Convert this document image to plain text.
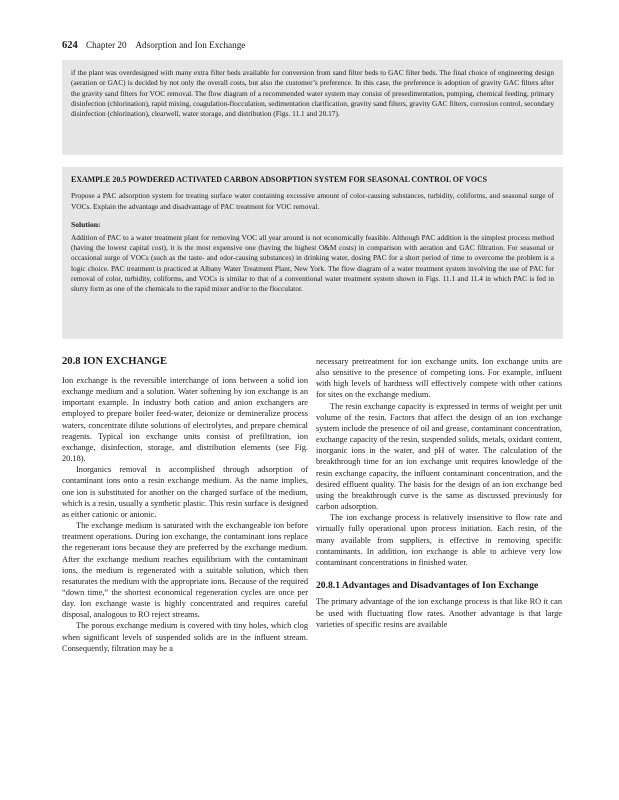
624 Chapter 20 Adsorption and Ion Exchange

if the plant was overdesigned with many extra filter beds available for conversion from sand filter beds to GAC filter beds. The final choice of engineering design (aeration or GAC) is decided by not only the overall costs, but also the customer’s preference. In this case, the preference is adoption of gravity GAC filters after the gravity sand filters for VOC removal. The flow diagram of a recommended water system may consist of presedimentation, pumping, chemical feeding, primary disinfection (chlorination), rapid mixing, coagulation-flocculation, sedimentation clarification, gravity sand filters, gravity GAC filters, corrosion control, secondary disinfection (chlorination), clearwell, water storage, and distribution (Figs. 11.1 and 20.17).

EXAMPLE 20.5 POWDERED ACTIVATED CARBON ADSORPTION SYSTEM FOR SEASONAL CONTROL OF VOCS

Propose a PAC adsorption system for treating surface water containing excessive amount of color-causing substances, turbidity, coliforms, and seasonal surge of VOCs. Explain the advantage and disadvantage of PAC treatment for VOC removal.

Solution:

Addition of PAC to a water treatment plant for removing VOC all year around is not economically feasible. Although PAC addition is the simplest process method (having the lowest capital cost), it is the most expensive one (having the highest O&M costs) in comparison with aeration and GAC filtration. For seasonal or occasional surge of VOCs (such as the taste- and odor-causing substances) in drinking water, dosing PAC for a short period of time to overcome the problem is a logic choice. PAC treatment is practiced at Albany Water Treatment Plant, New York. The flow diagram of a water treatment system involving the use of PAC for removal of color, turbidity, coliforms, and VOCs is similar to that of a conventional water treatment system shown in Figs. 11.1 and 11.4 in which PAC is fed in slurry form as one of the chemicals to the rapid mixer and/or to the flocculator.

20.8 ION EXCHANGE

Ion exchange is the reversible interchange of ions between a solid ion exchange medium and a solution. Water softening by ion exchange is an important example. In industry both cation and anion exchangers are employed to prepare boiler feed-water, deionize or demineralize process waters, concentrate dilute solutions of electrolytes, and prepare chemical reagents. Typical ion exchange units consist of prefiltration, ion exchange, disinfection, storage, and distribution elements (see Fig. 20.18).

Inorganics removal is accomplished through adsorption of contaminant ions onto a resin exchange medium. As the name implies, one ion is substituted for another on the charged surface of the medium, which is a resin, usually a synthetic plastic. This resin surface is designed as either cationic or anionic.

The exchange medium is saturated with the exchangeable ion before treatment operations. During ion exchange, the contaminant ions replace the regenerant ions because they are preferred by the exchange medium. After the exchange medium reaches equilibrium with the contaminant ions, the medium is regenerated with a suitable solution, which then resaturates the medium with the appropriate ions. Because of the required “down time,” the shortest economical regeneration cycles are once per day. Ion exchange waste is highly concentrated and requires careful disposal, analogous to RO reject streams.

The porous exchange medium is covered with tiny holes, which clog when significant levels of suspended solids are in the influent stream. Consequently, filtration may be a

necessary pretreatment for ion exchange units. Ion exchange units are also sensitive to the presence of competing ions. For example, influent with high levels of hardness will effectively compete with other cations for sites on the exchange medium.

The resin exchange capacity is expressed in terms of weight per unit volume of the resin. Factors that affect the design of an ion exchange system include the presence of oil and grease, contaminant concentration, exchange capacity of the resin, suspended solids, metals, oxidant content, inorganic ions in the water, and pH of water. The calculation of the breakthrough time for an ion exchange unit requires knowledge of the resin exchange capacity, the influent contaminant concentration, and the desired effluent quality. The basis for the design of an ion exchange bed using the breakthrough curve is the same as discussed previously for carbon adsorption.

The ion exchange process is relatively insensitive to flow rate and virtually fully operational upon process initiation. Each resin, of the many available from suppliers, is effective in removing specific contaminants. In addition, ion exchange is able to achieve very low contaminant concentrations in finished water.

20.8.1 Advantages and Disadvantages of Ion Exchange

The primary advantage of the ion exchange process is that like RO it can be used with fluctuating flow rates. Another advantage is that large varieties of specific resins are available
